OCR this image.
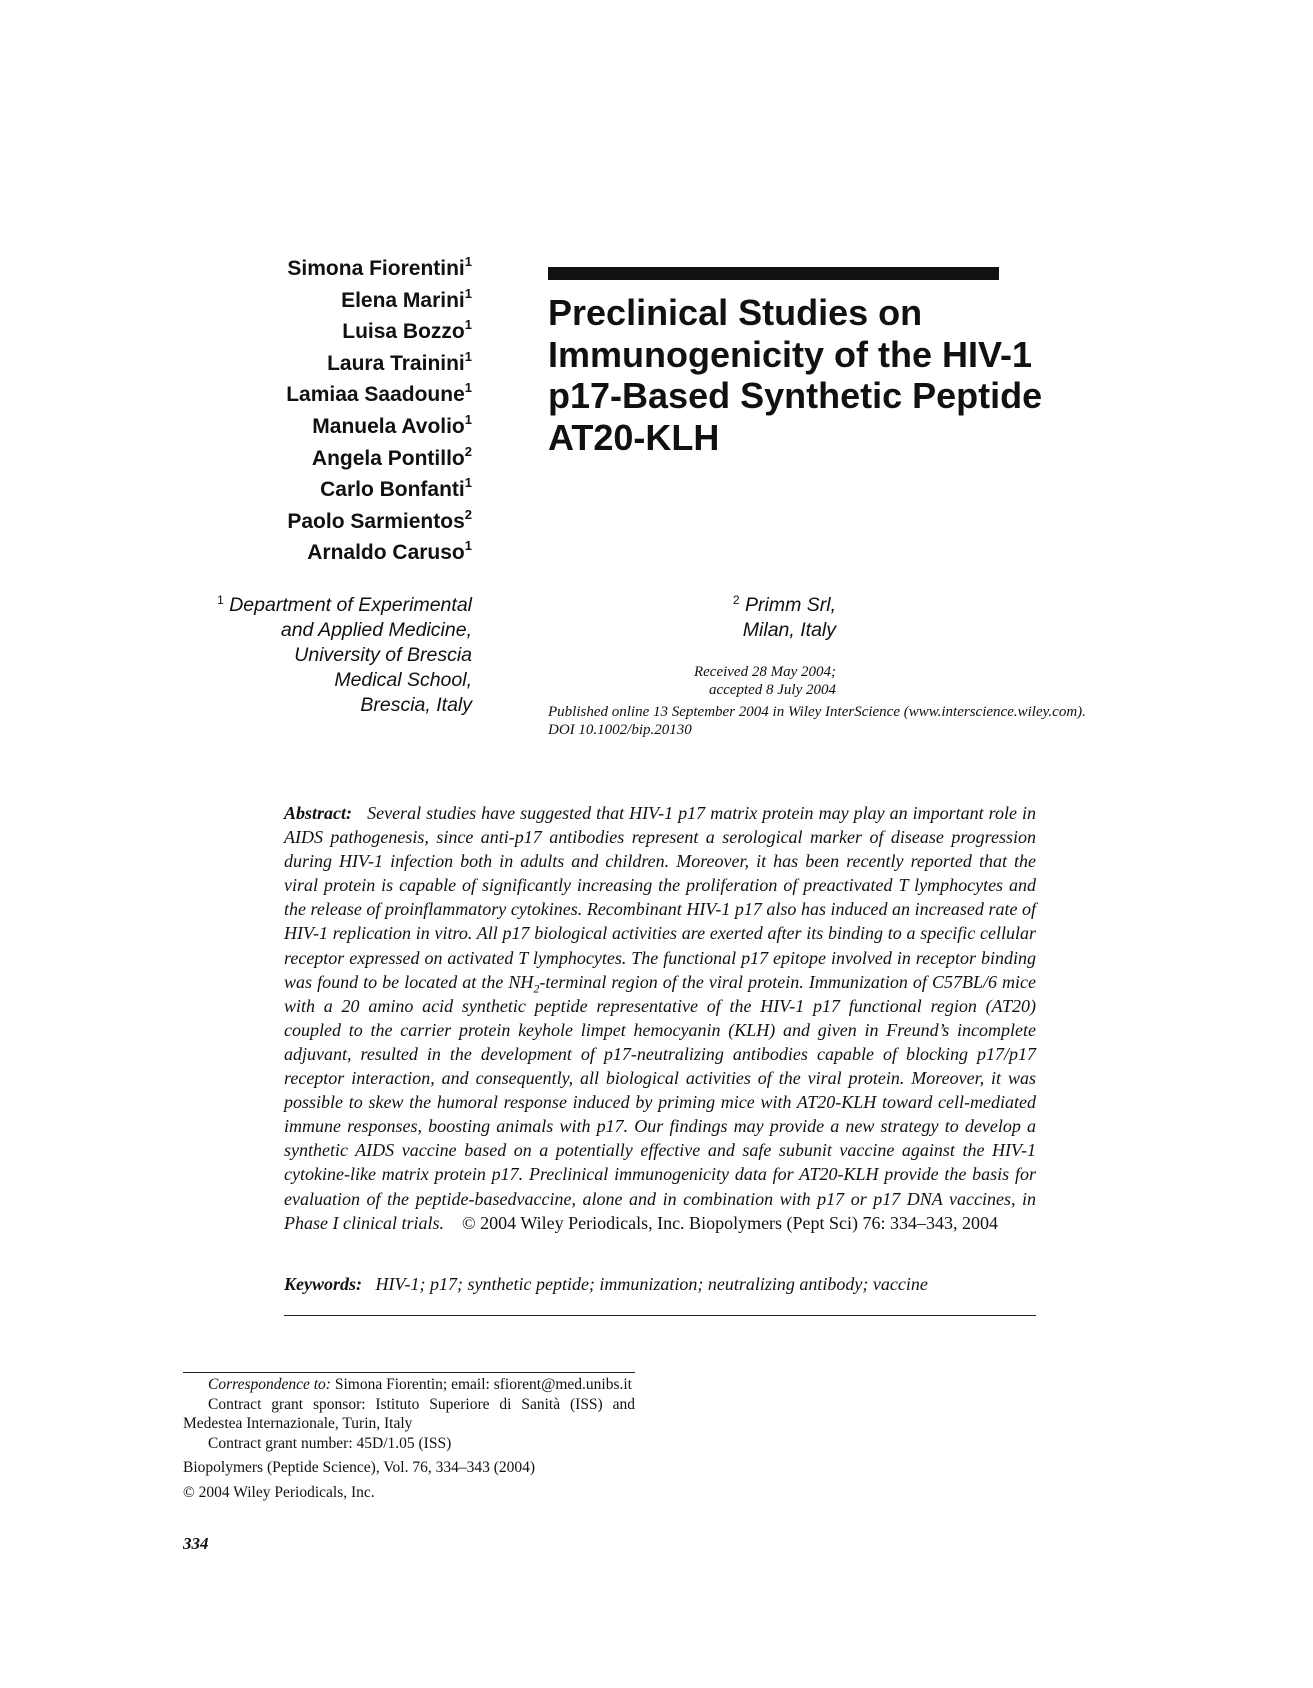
Simona Fiorentini$^1$
Elena Marini$^1$
Luisa Bozzo$^1$
Laura Trainini$^1$
Lamiaa Saadoune$^1$
Manuela Avolio$^1$
Angela Pontillo$^2$
Carlo Bonfanti$^1$
Paolo Sarmientos$^2$
Arnaldo Caruso$^1$
Preclinical Studies on
Immunogenicity of the HIV-1
p17-Based Synthetic Peptide
AT20-KLH
$^1$ Department of Experimental
and Applied Medicine,
University of Brescia
Medical School,
Brescia, Italy
$^2$ Primm Srl,
Milan, Italy
Received 28 May 2004;
accepted 8 July 2004
Published online 13 September 2004 in Wiley InterScience (www.interscience.wiley.com).
DOI 10.1002/bip.20130

Abstract: Several studies have suggested that HIV-1 p17 matrix protein may play an important role in AIDS pathogenesis, since anti-p17 antibodies represent a serological marker of disease progression during HIV-1 infection both in adults and children. Moreover, it has been recently reported that the viral protein is capable of significantly increasing the proliferation of preactivated T lymphocytes and the release of proinflammatory cytokines. Recombinant HIV-1 p17 also has induced an increased rate of HIV-1 replication in vitro. All p17 biological activities are exerted after its binding to a specific cellular receptor expressed on activated T lymphocytes. The functional p17 epitope involved in receptor binding was found to be located at the $NH_2$-terminal region of the viral protein. Immunization of C57BL/6 mice with a 20 amino acid synthetic peptide representative of the HIV-1 p17 functional region (AT20) coupled to the carrier protein keyhole limpet hemocyanin (KLH) and given in Freund’s incomplete adjuvant, resulted in the development of p17-neutralizing antibodies capable of blocking p17/p17 receptor interaction, and consequently, all biological activities of the viral protein. Moreover, it was possible to skew the humoral response induced by priming mice with AT20-KLH toward cell-mediated immune responses, boosting animals with p17. Our findings may provide a new strategy to develop a synthetic AIDS vaccine based on a potentially effective and safe subunit vaccine against the HIV-1 cytokine-like matrix protein p17. Preclinical immunogenicity data for AT20-KLH provide the basis for evaluation of the peptide-basedvaccine, alone and in combination with p17 or p17 DNA vaccines, in Phase I clinical trials. © 2004 Wiley Periodicals, Inc. Biopolymers (Pept Sci) 76: 334–343, 2004

Keywords: HIV-1; p17; synthetic peptide; immunization; neutralizing antibody; vaccine

Correspondence to: Simona Fiorentin; email: sfiorent@med.unibs.it

Contract grant sponsor: Istituto Superiore di Sanità (ISS) and Medestea Internazionale, Turin, Italy

Contract grant number: 45D/1.05 (ISS)

Biopolymers (Peptide Science), Vol. 76, 334–343 (2004)

© 2004 Wiley Periodicals, Inc.

334
